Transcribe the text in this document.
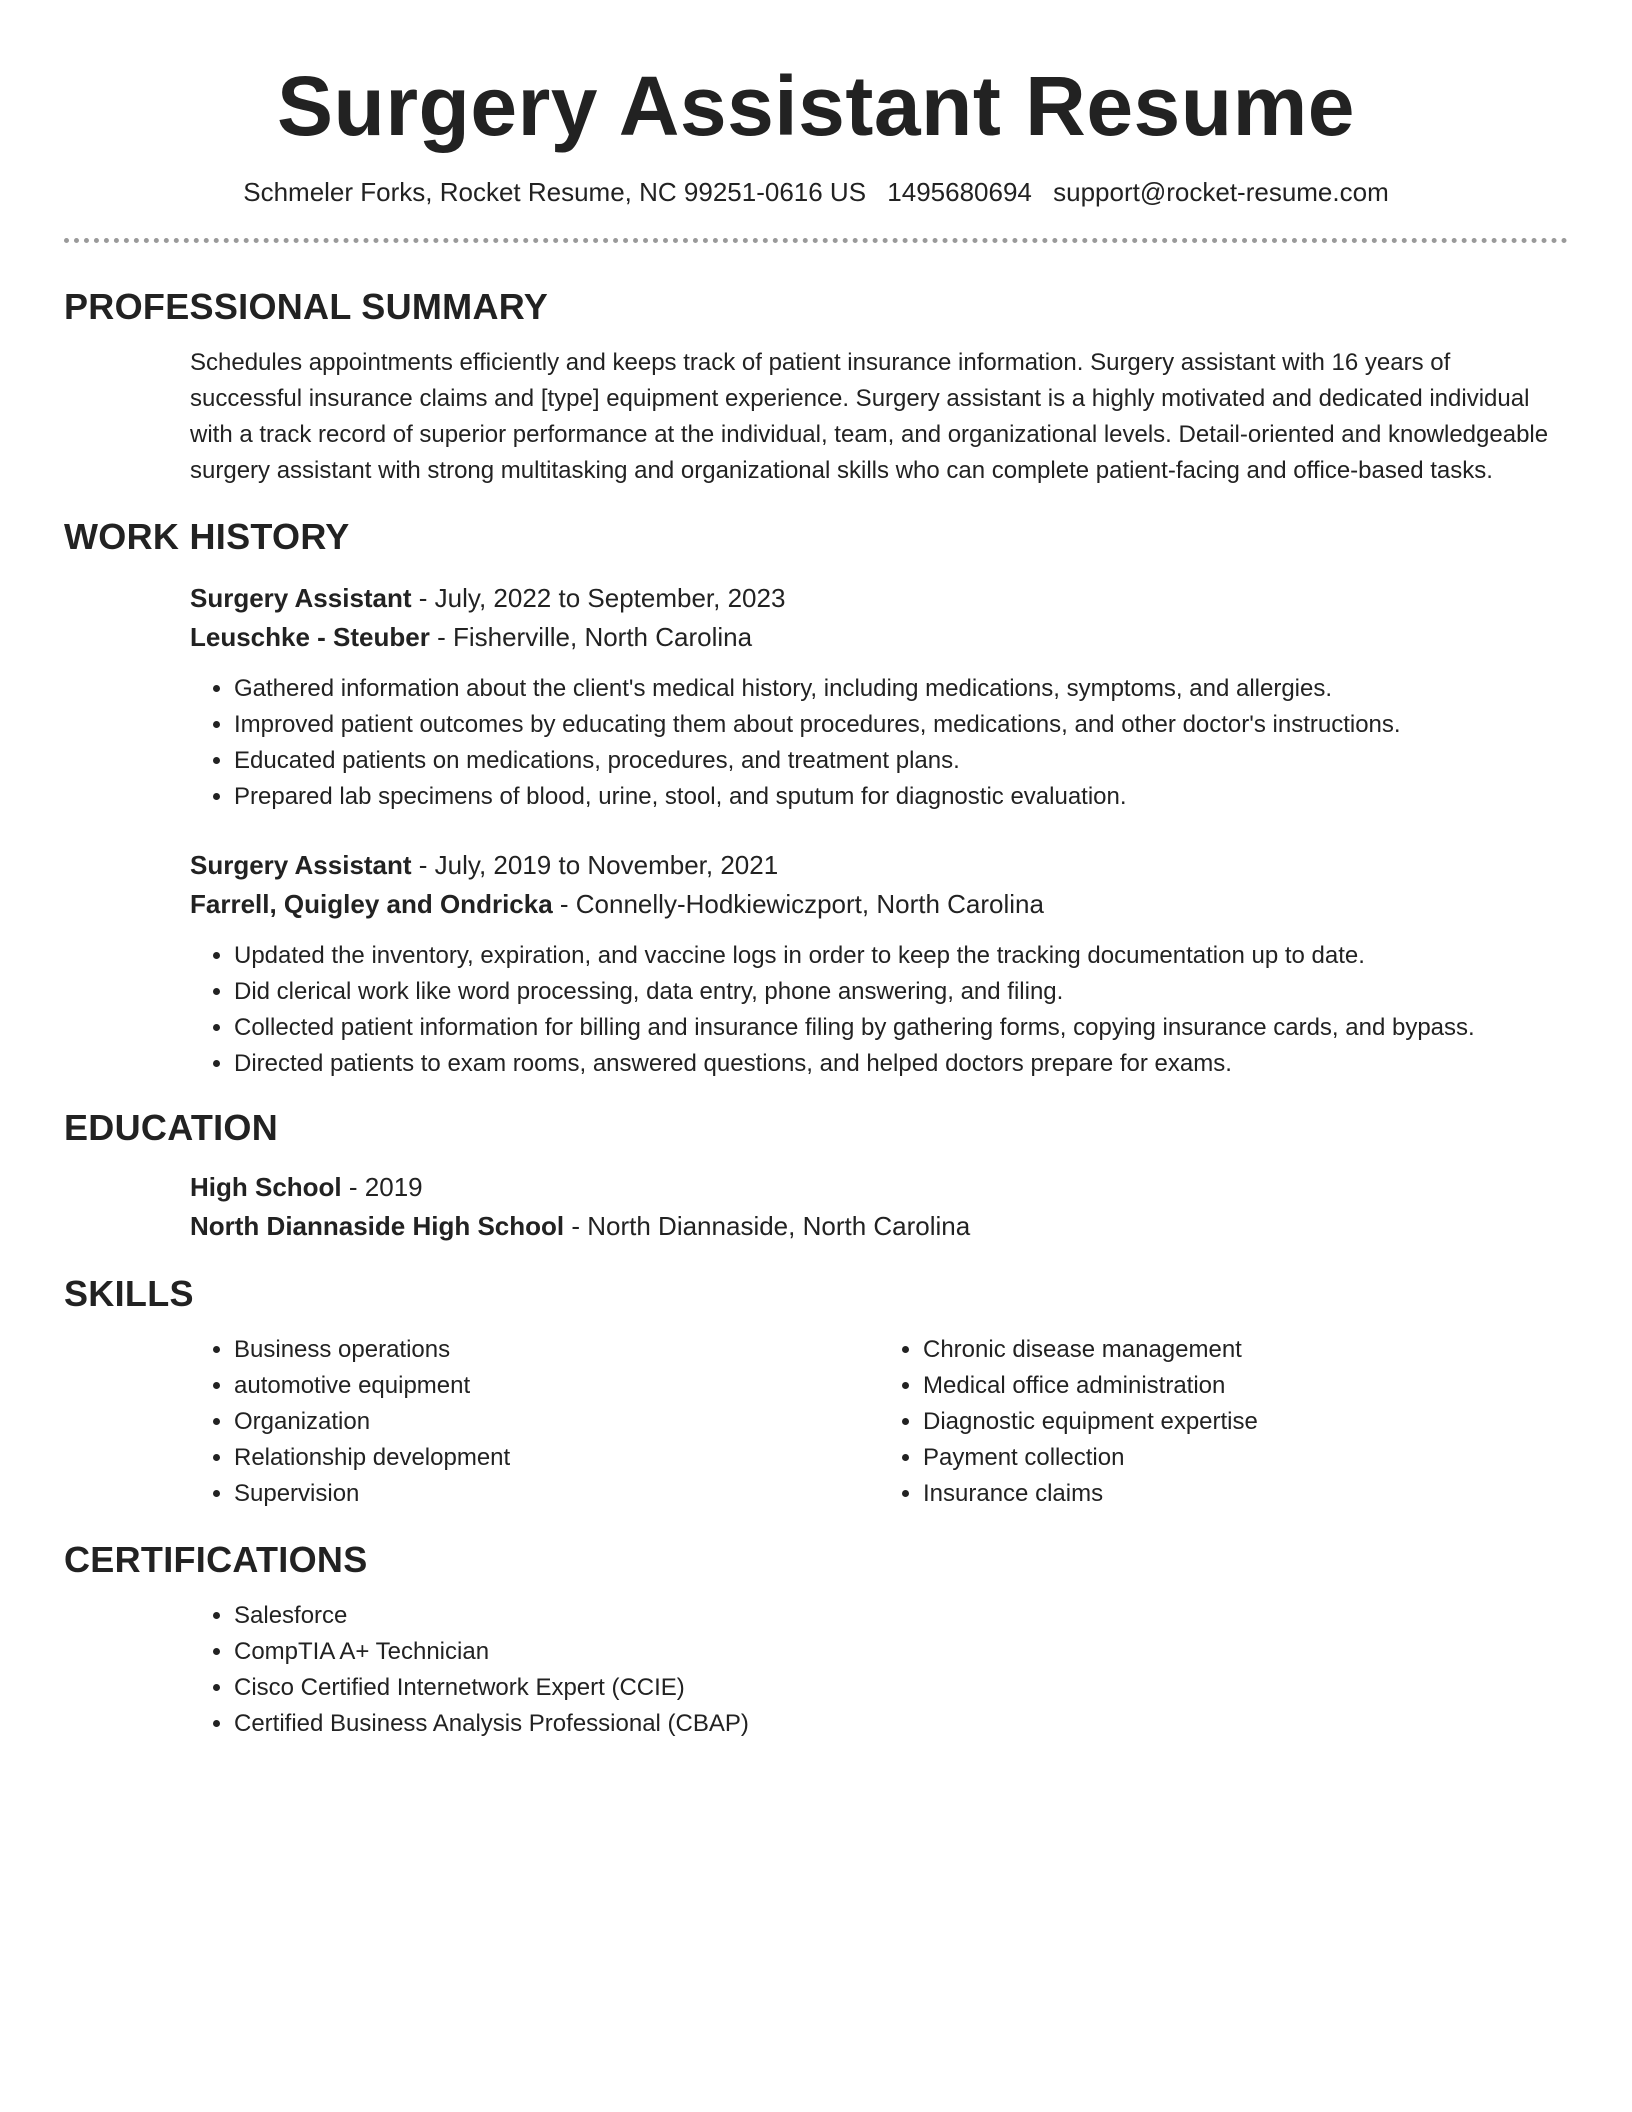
Surgery Assistant Resume
Schmeler Forks, Rocket Resume, NC 99251-0616 US 1495680694 support@rocket-resume.com
PROFESSIONAL SUMMARY

Schedules appointments efficiently and keeps track of patient insurance information. Surgery assistant with 16 years of successful insurance claims and [type] equipment experience. Surgery assistant is a highly motivated and dedicated individual with a track record of superior performance at the individual, team, and organizational levels. Detail-oriented and knowledgeable surgery assistant with strong multitasking and organizational skills who can complete patient-facing and office-based tasks.

WORK HISTORY
Surgery Assistant - July, 2022 to September, 2023
Leuschke - Steuber - Fisherville, North Carolina
• Gathered information about the client's medical history, including medications, symptoms, and allergies.
• Improved patient outcomes by educating them about procedures, medications, and other doctor's instructions.
• Educated patients on medications, procedures, and treatment plans.
• Prepared lab specimens of blood, urine, stool, and sputum for diagnostic evaluation.
Surgery Assistant - July, 2019 to November, 2021
Farrell, Quigley and Ondricka - Connelly-Hodkiewiczport, North Carolina
• Updated the inventory, expiration, and vaccine logs in order to keep the tracking documentation up to date.
• Did clerical work like word processing, data entry, phone answering, and filing.
• Collected patient information for billing and insurance filing by gathering forms, copying insurance cards, and bypass.
• Directed patients to exam rooms, answered questions, and helped doctors prepare for exams.
EDUCATION
High School - 2019
North Diannaside High School - North Diannaside, North Carolina
SKILLS
• Business operations
• automotive equipment
• Organization
• Relationship development
• Supervision
• Chronic disease management
• Medical office administration
• Diagnostic equipment expertise
• Payment collection
• Insurance claims
CERTIFICATIONS
• Salesforce
• CompTIA A+ Technician
• Cisco Certified Internetwork Expert (CCIE)
• Certified Business Analysis Professional (CBAP)
